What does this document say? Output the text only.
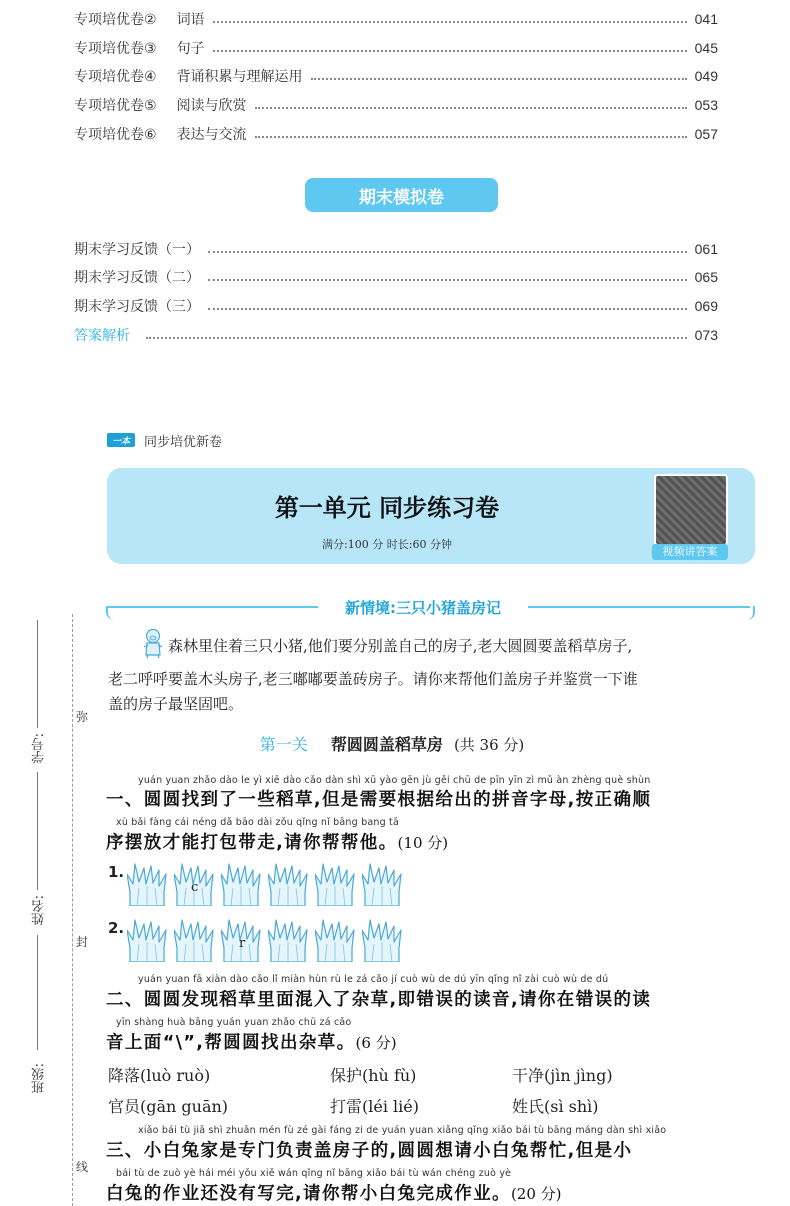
专项培优卷② 词语	041
专项培优卷③ 句子	045
专项培优卷④ 背诵积累与理解运用	049
专项培优卷⑤ 阅读与欣赏	053
专项培优卷⑥ 表达与交流	057
期末模拟卷
期末学习反馈（一）	061
期末学习反馈（二）	065
期末学习反馈（三）	069
答案解析	073
一本	同步培优新卷
第一单元 同步练习卷
满分:100 分 时长:60 分钟
视频讲答案
新情境:三只小猪盖房记
森林里住着三只小猪,他们要分别盖自己的房子,老大圆圆要盖稻草房子,
老二呼呼要盖木头房子,老三嘟嘟要盖砖房子。请你来帮他们盖房子并鉴赏一下谁
盖的房子最坚固吧。
弥
封
线
学号:
姓名:
班级:
第一关 帮圆圆盖稻草房 (共 36 分)
yuán yuan zhǎo dào le yì xiē dào cǎo dàn shì xū yào gēn jù gěi chū de pīn yīn zì mǔ àn zhèng què shùn
一、圆圆找到了一些稻草,但是需要根据给出的拼音字母,按正确顺
xù bǎi fàng cái néng dǎ bāo dài zǒu qǐng nǐ bāng bang tā
序摆放才能打包带走,请你帮帮他。(10 分)
1.
2.
c
r
yuán yuan fā xiàn dào cǎo lǐ miàn hùn rù le zá cǎo jí cuò wù de dú yīn qǐng nǐ zài cuò wù de dú
二、圆圆发现稻草里面混入了杂草,即错误的读音,请你在错误的读
yīn shàng huà bāng yuán yuan zhǎo chū zá cǎo
音上面“\”,帮圆圆找出杂草。(6 分)
降落(luò ruò)	保护(hù fù)	干净(jìn jìng)
官员(gān guān)	打雷(léi lié)	姓氏(sì shì)
xiǎo bái tù jiā shì zhuān mén fù zé gài fáng zi de yuán yuan xiǎng qǐng xiǎo bái tù bāng máng dàn shì xiǎo
三、小白兔家是专门负责盖房子的,圆圆想请小白兔帮忙,但是小
bái tù de zuò yè hái méi yǒu xiě wán qǐng nǐ bāng xiǎo bái tù wán chéng zuò yè
白兔的作业还没有写完,请你帮小白兔完成作业。(20 分)
